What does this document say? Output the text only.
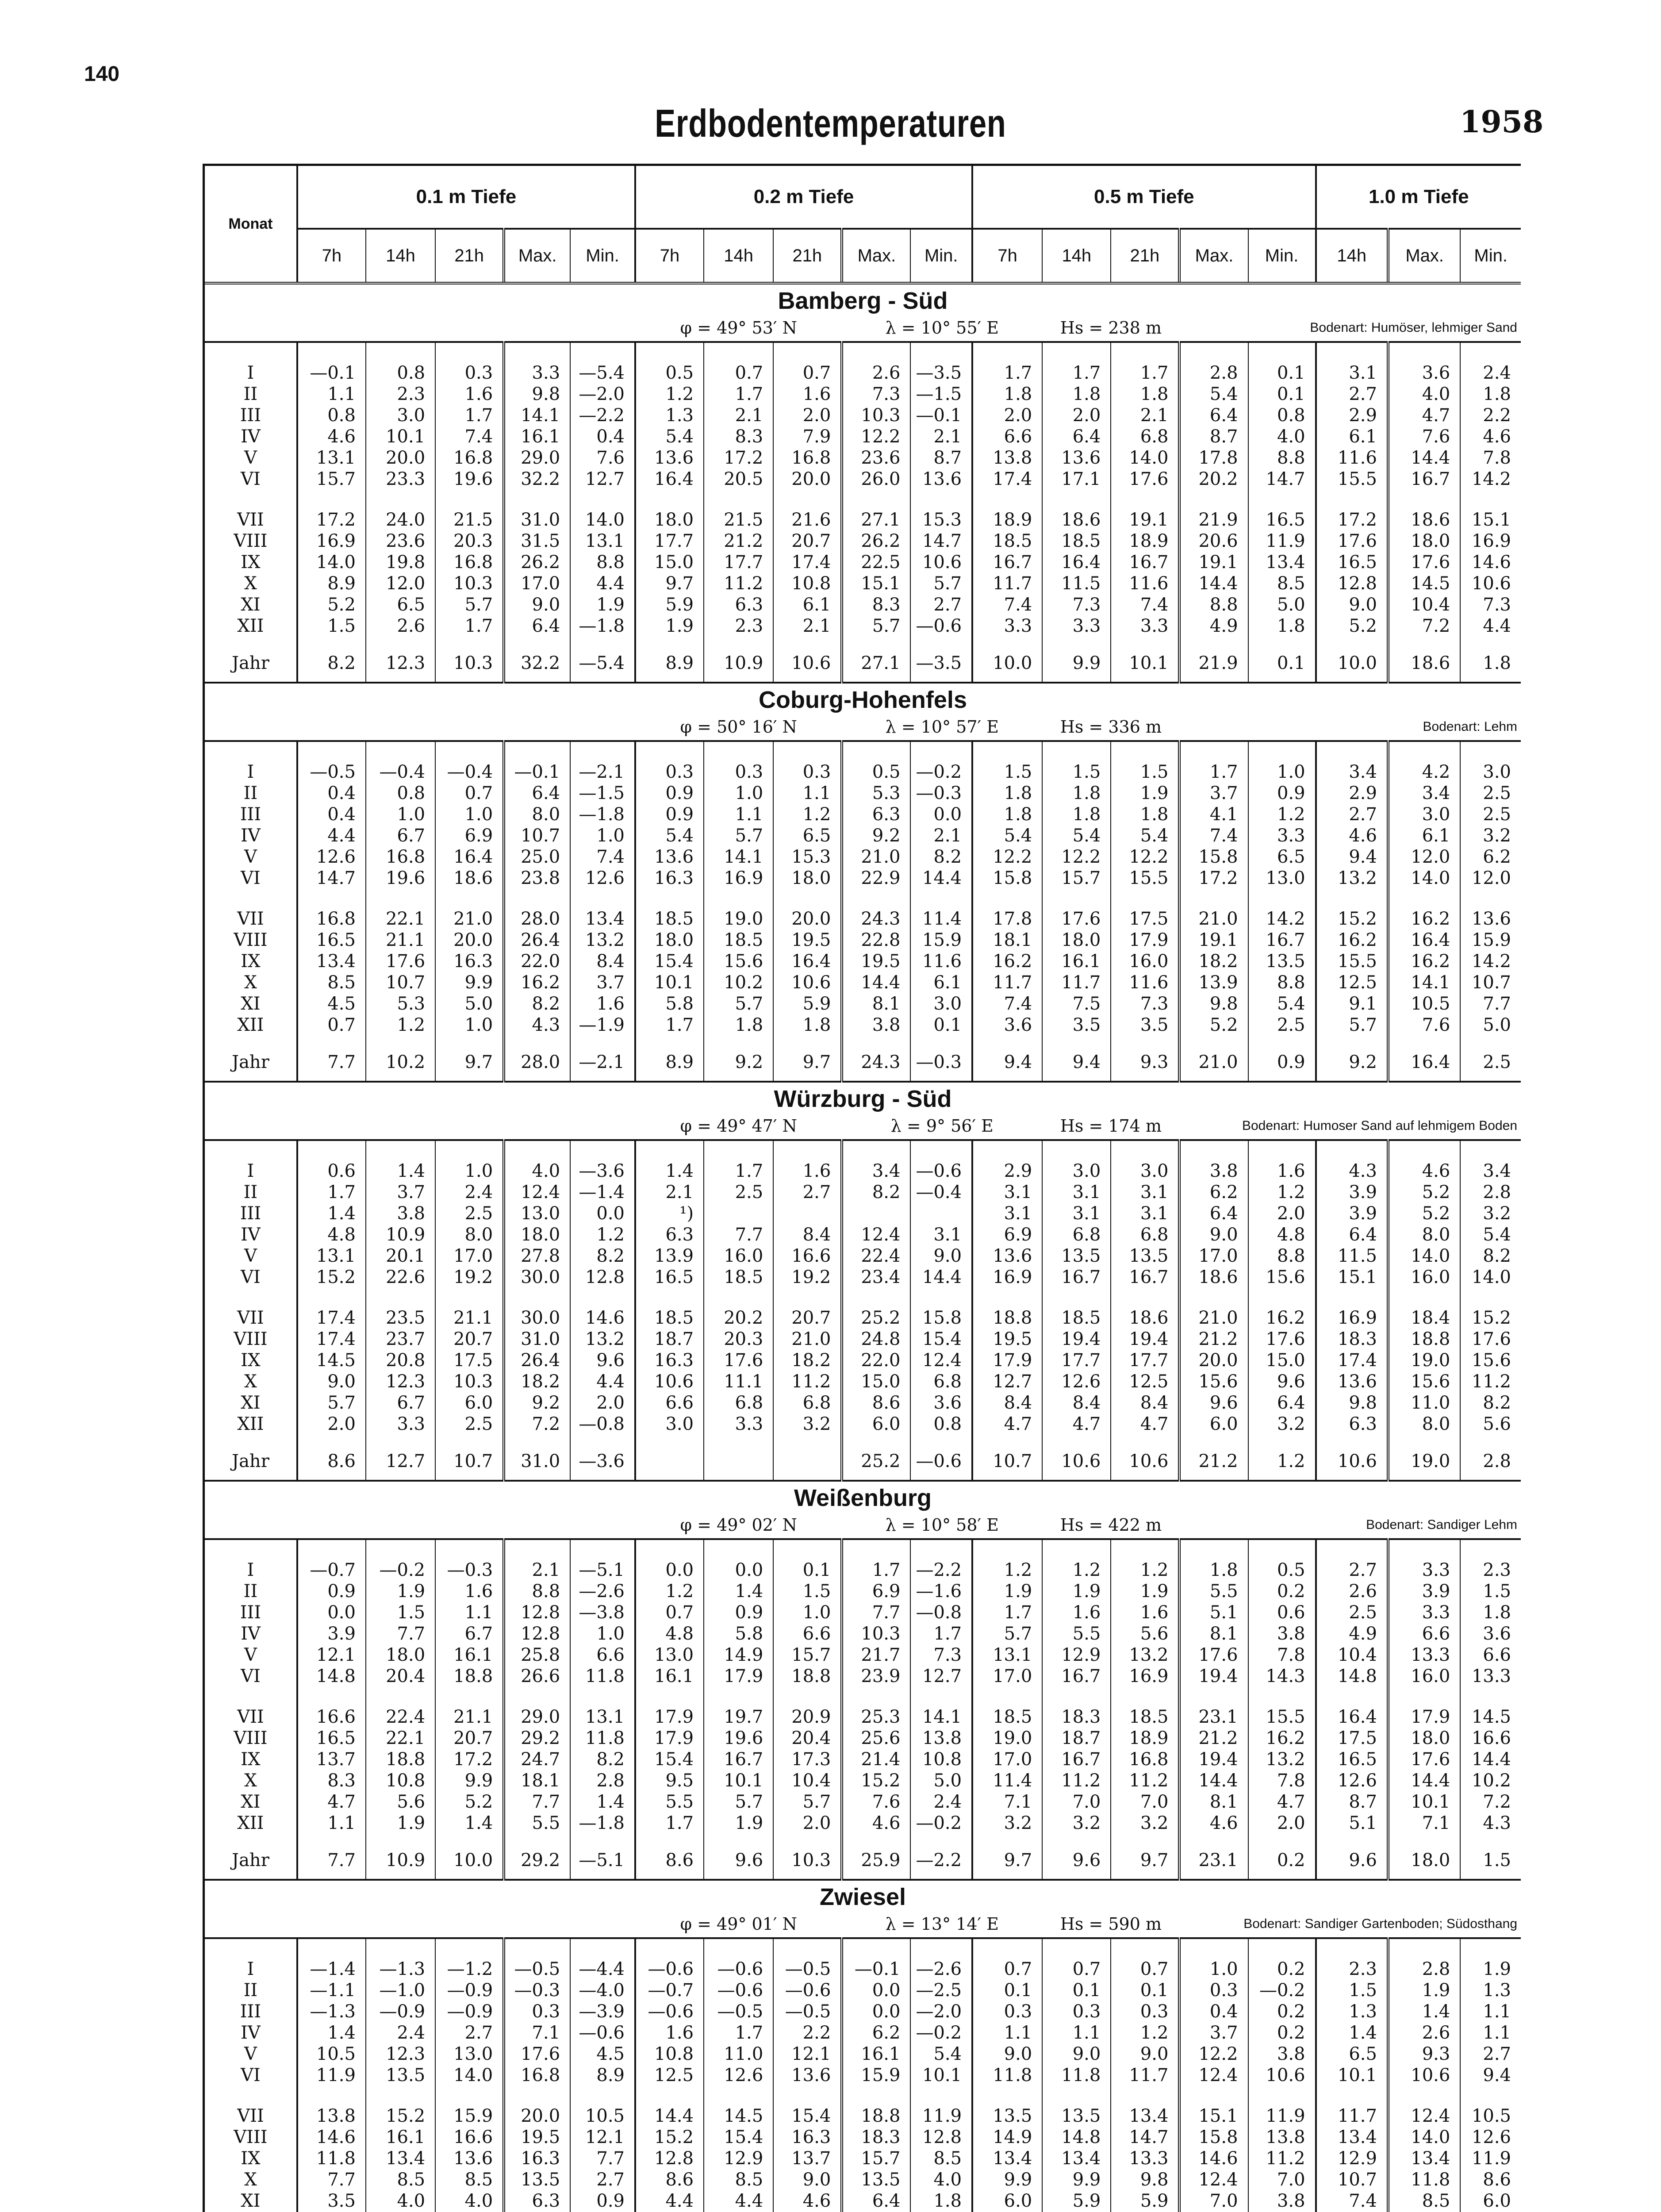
140
Erdbodentemperaturen	1958
Monat	0.1 m Tiefe					0.2 m Tiefe					0.5 m Tiefe					1.0 m Tiefe		
	7h	14h	21h	Max.	Min.	7h	14h	21h	Max.	Min.	7h	14h	21h	Max.	Min.	14h	Max.	Min.
Bamberg - Süd																		
						φ = 49° 53′ N			λ = 10° 55′ E			Hs = 238 m		Bodenart: Humöser, lehmiger Sand				
I	—0.1	0.8	0.3	3.3	—5.4	0.5	0.7	0.7	2.6	—3.5	1.7	1.7	1.7	2.8	0.1	3.1	3.6	2.4
II	1.1	2.3	1.6	9.8	—2.0	1.2	1.7	1.6	7.3	—1.5	1.8	1.8	1.8	5.4	0.1	2.7	4.0	1.8
III	0.8	3.0	1.7	14.1	—2.2	1.3	2.1	2.0	10.3	—0.1	2.0	2.0	2.1	6.4	0.8	2.9	4.7	2.2
IV	4.6	10.1	7.4	16.1	0.4	5.4	8.3	7.9	12.2	2.1	6.6	6.4	6.8	8.7	4.0	6.1	7.6	4.6
V	13.1	20.0	16.8	29.0	7.6	13.6	17.2	16.8	23.6	8.7	13.8	13.6	14.0	17.8	8.8	11.6	14.4	7.8
VI	15.7	23.3	19.6	32.2	12.7	16.4	20.5	20.0	26.0	13.6	17.4	17.1	17.6	20.2	14.7	15.5	16.7	14.2
VII	17.2	24.0	21.5	31.0	14.0	18.0	21.5	21.6	27.1	15.3	18.9	18.6	19.1	21.9	16.5	17.2	18.6	15.1
VIII	16.9	23.6	20.3	31.5	13.1	17.7	21.2	20.7	26.2	14.7	18.5	18.5	18.9	20.6	11.9	17.6	18.0	16.9
IX	14.0	19.8	16.8	26.2	8.8	15.0	17.7	17.4	22.5	10.6	16.7	16.4	16.7	19.1	13.4	16.5	17.6	14.6
X	8.9	12.0	10.3	17.0	4.4	9.7	11.2	10.8	15.1	5.7	11.7	11.5	11.6	14.4	8.5	12.8	14.5	10.6
XI	5.2	6.5	5.7	9.0	1.9	5.9	6.3	6.1	8.3	2.7	7.4	7.3	7.4	8.8	5.0	9.0	10.4	7.3
XII	1.5	2.6	1.7	6.4	—1.8	1.9	2.3	2.1	5.7	—0.6	3.3	3.3	3.3	4.9	1.8	5.2	7.2	4.4
Jahr	8.2	12.3	10.3	32.2	—5.4	8.9	10.9	10.6	27.1	—3.5	10.0	9.9	10.1	21.9	0.1	10.0	18.6	1.8
Coburg-Hohenfels																		
						φ = 50° 16′ N			λ = 10° 57′ E			Hs = 336 m		Bodenart: Lehm				
I	—0.5	—0.4	—0.4	—0.1	—2.1	0.3	0.3	0.3	0.5	—0.2	1.5	1.5	1.5	1.7	1.0	3.4	4.2	3.0
II	0.4	0.8	0.7	6.4	—1.5	0.9	1.0	1.1	5.3	—0.3	1.8	1.8	1.9	3.7	0.9	2.9	3.4	2.5
III	0.4	1.0	1.0	8.0	—1.8	0.9	1.1	1.2	6.3	0.0	1.8	1.8	1.8	4.1	1.2	2.7	3.0	2.5
IV	4.4	6.7	6.9	10.7	1.0	5.4	5.7	6.5	9.2	2.1	5.4	5.4	5.4	7.4	3.3	4.6	6.1	3.2
V	12.6	16.8	16.4	25.0	7.4	13.6	14.1	15.3	21.0	8.2	12.2	12.2	12.2	15.8	6.5	9.4	12.0	6.2
VI	14.7	19.6	18.6	23.8	12.6	16.3	16.9	18.0	22.9	14.4	15.8	15.7	15.5	17.2	13.0	13.2	14.0	12.0
VII	16.8	22.1	21.0	28.0	13.4	18.5	19.0	20.0	24.3	11.4	17.8	17.6	17.5	21.0	14.2	15.2	16.2	13.6
VIII	16.5	21.1	20.0	26.4	13.2	18.0	18.5	19.5	22.8	15.9	18.1	18.0	17.9	19.1	16.7	16.2	16.4	15.9
IX	13.4	17.6	16.3	22.0	8.4	15.4	15.6	16.4	19.5	11.6	16.2	16.1	16.0	18.2	13.5	15.5	16.2	14.2
X	8.5	10.7	9.9	16.2	3.7	10.1	10.2	10.6	14.4	6.1	11.7	11.7	11.6	13.9	8.8	12.5	14.1	10.7
XI	4.5	5.3	5.0	8.2	1.6	5.8	5.7	5.9	8.1	3.0	7.4	7.5	7.3	9.8	5.4	9.1	10.5	7.7
XII	0.7	1.2	1.0	4.3	—1.9	1.7	1.8	1.8	3.8	0.1	3.6	3.5	3.5	5.2	2.5	5.7	7.6	5.0
Jahr	7.7	10.2	9.7	28.0	—2.1	8.9	9.2	9.7	24.3	—0.3	9.4	9.4	9.3	21.0	0.9	9.2	16.4	2.5
Würzburg - Süd																		
						φ = 49° 47′ N			λ = 9° 56′ E			Hs = 174 m		Bodenart: Humoser Sand auf lehmigem Boden				
I	0.6	1.4	1.0	4.0	—3.6	1.4	1.7	1.6	3.4	—0.6	2.9	3.0	3.0	3.8	1.6	4.3	4.6	3.4
II	1.7	3.7	2.4	12.4	—1.4	2.1	2.5	2.7	8.2	—0.4	3.1	3.1	3.1	6.2	1.2	3.9	5.2	2.8
III	1.4	3.8	2.5	13.0	0.0	¹)					3.1	3.1	3.1	6.4	2.0	3.9	5.2	3.2
IV	4.8	10.9	8.0	18.0	1.2	6.3	7.7	8.4	12.4	3.1	6.9	6.8	6.8	9.0	4.8	6.4	8.0	5.4
V	13.1	20.1	17.0	27.8	8.2	13.9	16.0	16.6	22.4	9.0	13.6	13.5	13.5	17.0	8.8	11.5	14.0	8.2
VI	15.2	22.6	19.2	30.0	12.8	16.5	18.5	19.2	23.4	14.4	16.9	16.7	16.7	18.6	15.6	15.1	16.0	14.0
VII	17.4	23.5	21.1	30.0	14.6	18.5	20.2	20.7	25.2	15.8	18.8	18.5	18.6	21.0	16.2	16.9	18.4	15.2
VIII	17.4	23.7	20.7	31.0	13.2	18.7	20.3	21.0	24.8	15.4	19.5	19.4	19.4	21.2	17.6	18.3	18.8	17.6
IX	14.5	20.8	17.5	26.4	9.6	16.3	17.6	18.2	22.0	12.4	17.9	17.7	17.7	20.0	15.0	17.4	19.0	15.6
X	9.0	12.3	10.3	18.2	4.4	10.6	11.1	11.2	15.0	6.8	12.7	12.6	12.5	15.6	9.6	13.6	15.6	11.2
XI	5.7	6.7	6.0	9.2	2.0	6.6	6.8	6.8	8.6	3.6	8.4	8.4	8.4	9.6	6.4	9.8	11.0	8.2
XII	2.0	3.3	2.5	7.2	—0.8	3.0	3.3	3.2	6.0	0.8	4.7	4.7	4.7	6.0	3.2	6.3	8.0	5.6
Jahr	8.6	12.7	10.7	31.0	—3.6				25.2	—0.6	10.7	10.6	10.6	21.2	1.2	10.6	19.0	2.8
Weißenburg																		
						φ = 49° 02′ N			λ = 10° 58′ E			Hs = 422 m		Bodenart: Sandiger Lehm				
I	—0.7	—0.2	—0.3	2.1	—5.1	0.0	0.0	0.1	1.7	—2.2	1.2	1.2	1.2	1.8	0.5	2.7	3.3	2.3
II	0.9	1.9	1.6	8.8	—2.6	1.2	1.4	1.5	6.9	—1.6	1.9	1.9	1.9	5.5	0.2	2.6	3.9	1.5
III	0.0	1.5	1.1	12.8	—3.8	0.7	0.9	1.0	7.7	—0.8	1.7	1.6	1.6	5.1	0.6	2.5	3.3	1.8
IV	3.9	7.7	6.7	12.8	1.0	4.8	5.8	6.6	10.3	1.7	5.7	5.5	5.6	8.1	3.8	4.9	6.6	3.6
V	12.1	18.0	16.1	25.8	6.6	13.0	14.9	15.7	21.7	7.3	13.1	12.9	13.2	17.6	7.8	10.4	13.3	6.6
VI	14.8	20.4	18.8	26.6	11.8	16.1	17.9	18.8	23.9	12.7	17.0	16.7	16.9	19.4	14.3	14.8	16.0	13.3
VII	16.6	22.4	21.1	29.0	13.1	17.9	19.7	20.9	25.3	14.1	18.5	18.3	18.5	23.1	15.5	16.4	17.9	14.5
VIII	16.5	22.1	20.7	29.2	11.8	17.9	19.6	20.4	25.6	13.8	19.0	18.7	18.9	21.2	16.2	17.5	18.0	16.6
IX	13.7	18.8	17.2	24.7	8.2	15.4	16.7	17.3	21.4	10.8	17.0	16.7	16.8	19.4	13.2	16.5	17.6	14.4
X	8.3	10.8	9.9	18.1	2.8	9.5	10.1	10.4	15.2	5.0	11.4	11.2	11.2	14.4	7.8	12.6	14.4	10.2
XI	4.7	5.6	5.2	7.7	1.4	5.5	5.7	5.7	7.6	2.4	7.1	7.0	7.0	8.1	4.7	8.7	10.1	7.2
XII	1.1	1.9	1.4	5.5	—1.8	1.7	1.9	2.0	4.6	—0.2	3.2	3.2	3.2	4.6	2.0	5.1	7.1	4.3
Jahr	7.7	10.9	10.0	29.2	—5.1	8.6	9.6	10.3	25.9	—2.2	9.7	9.6	9.7	23.1	0.2	9.6	18.0	1.5
Zwiesel																		
						φ = 49° 01′ N			λ = 13° 14′ E			Hs = 590 m		Bodenart: Sandiger Gartenboden; Südosthang				
I	—1.4	—1.3	—1.2	—0.5	—4.4	—0.6	—0.6	—0.5	—0.1	—2.6	0.7	0.7	0.7	1.0	0.2	2.3	2.8	1.9
II	—1.1	—1.0	—0.9	—0.3	—4.0	—0.7	—0.6	—0.6	0.0	—2.5	0.1	0.1	0.1	0.3	—0.2	1.5	1.9	1.3
III	—1.3	—0.9	—0.9	0.3	—3.9	—0.6	—0.5	—0.5	0.0	—2.0	0.3	0.3	0.3	0.4	0.2	1.3	1.4	1.1
IV	1.4	2.4	2.7	7.1	—0.6	1.6	1.7	2.2	6.2	—0.2	1.1	1.1	1.2	3.7	0.2	1.4	2.6	1.1
V	10.5	12.3	13.0	17.6	4.5	10.8	11.0	12.1	16.1	5.4	9.0	9.0	9.0	12.2	3.8	6.5	9.3	2.7
VI	11.9	13.5	14.0	16.8	8.9	12.5	12.6	13.6	15.9	10.1	11.8	11.8	11.7	12.4	10.6	10.1	10.6	9.4
VII	13.8	15.2	15.9	20.0	10.5	14.4	14.5	15.4	18.8	11.9	13.5	13.5	13.4	15.1	11.9	11.7	12.4	10.5
VIII	14.6	16.1	16.6	19.5	12.1	15.2	15.4	16.3	18.3	12.8	14.9	14.8	14.7	15.8	13.8	13.4	14.0	12.6
IX	11.8	13.4	13.6	16.3	7.7	12.8	12.9	13.7	15.7	8.5	13.4	13.4	13.3	14.6	11.2	12.9	13.4	11.9
X	7.7	8.5	8.5	13.5	2.7	8.6	8.5	9.0	13.5	4.0	9.9	9.9	9.8	12.4	7.0	10.7	11.8	8.6
XI	3.5	4.0	4.0	6.3	0.9	4.4	4.4	4.6	6.4	1.8	6.0	5.9	5.9	7.0	3.8	7.4	8.5	6.0
